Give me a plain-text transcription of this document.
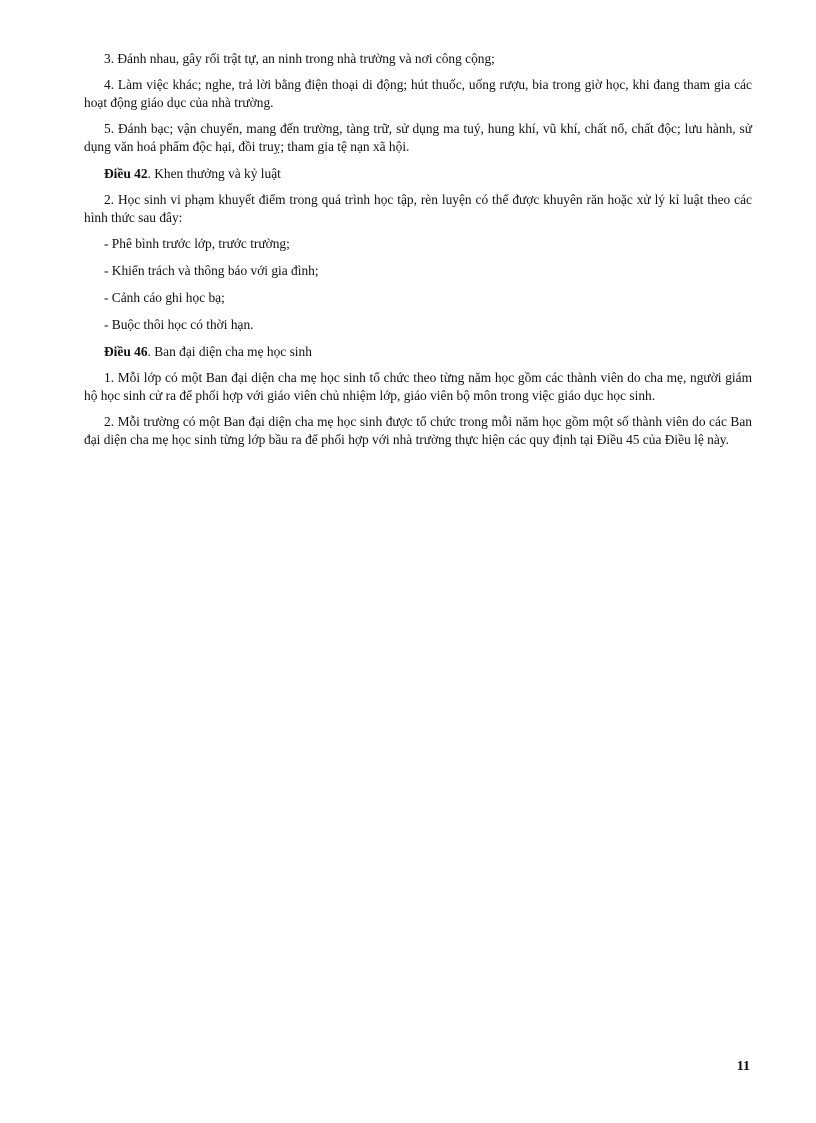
3. Đánh nhau, gây rối trật tự, an ninh trong nhà trường và nơi công cộng;

4. Làm việc khác; nghe, trả lời bằng điện thoại di động; hút thuốc, uống rượu, bia trong giờ học, khi đang tham gia các hoạt động giáo dục của nhà trường.

5. Đánh bạc; vận chuyển, mang đến trường, tàng trữ, sử dụng ma tuý, hung khí, vũ khí, chất nổ, chất độc; lưu hành, sử dụng văn hoá phẩm độc hại, đồi truỵ; tham gia tệ nạn xã hội.

Điều 42. Khen thưởng và kỷ luật

2. Học sinh vi phạm khuyết điểm trong quá trình học tập, rèn luyện có thể được khuyên răn hoặc xử lý kỉ luật theo các hình thức sau đây:

- Phê bình trước lớp, trước trường;

- Khiển trách và thông báo với gia đình;

- Cảnh cáo ghi học bạ;

- Buộc thôi học có thời hạn.

Điều 46. Ban đại diện cha mẹ học sinh

1. Mỗi lớp có một Ban đại diện cha mẹ học sinh tổ chức theo từng năm học gồm các thành viên do cha mẹ, người giám hộ học sinh cử ra để phối hợp với giáo viên chủ nhiệm lớp, giáo viên bộ môn trong việc giáo dục học sinh.

2. Mỗi trường có một Ban đại diện cha mẹ học sinh được tổ chức trong mỗi năm học gồm một số thành viên do các Ban đại diện cha mẹ học sinh từng lớp bầu ra để phối hợp với nhà trường thực hiện các quy định tại Điều 45 của Điều lệ này.

11
